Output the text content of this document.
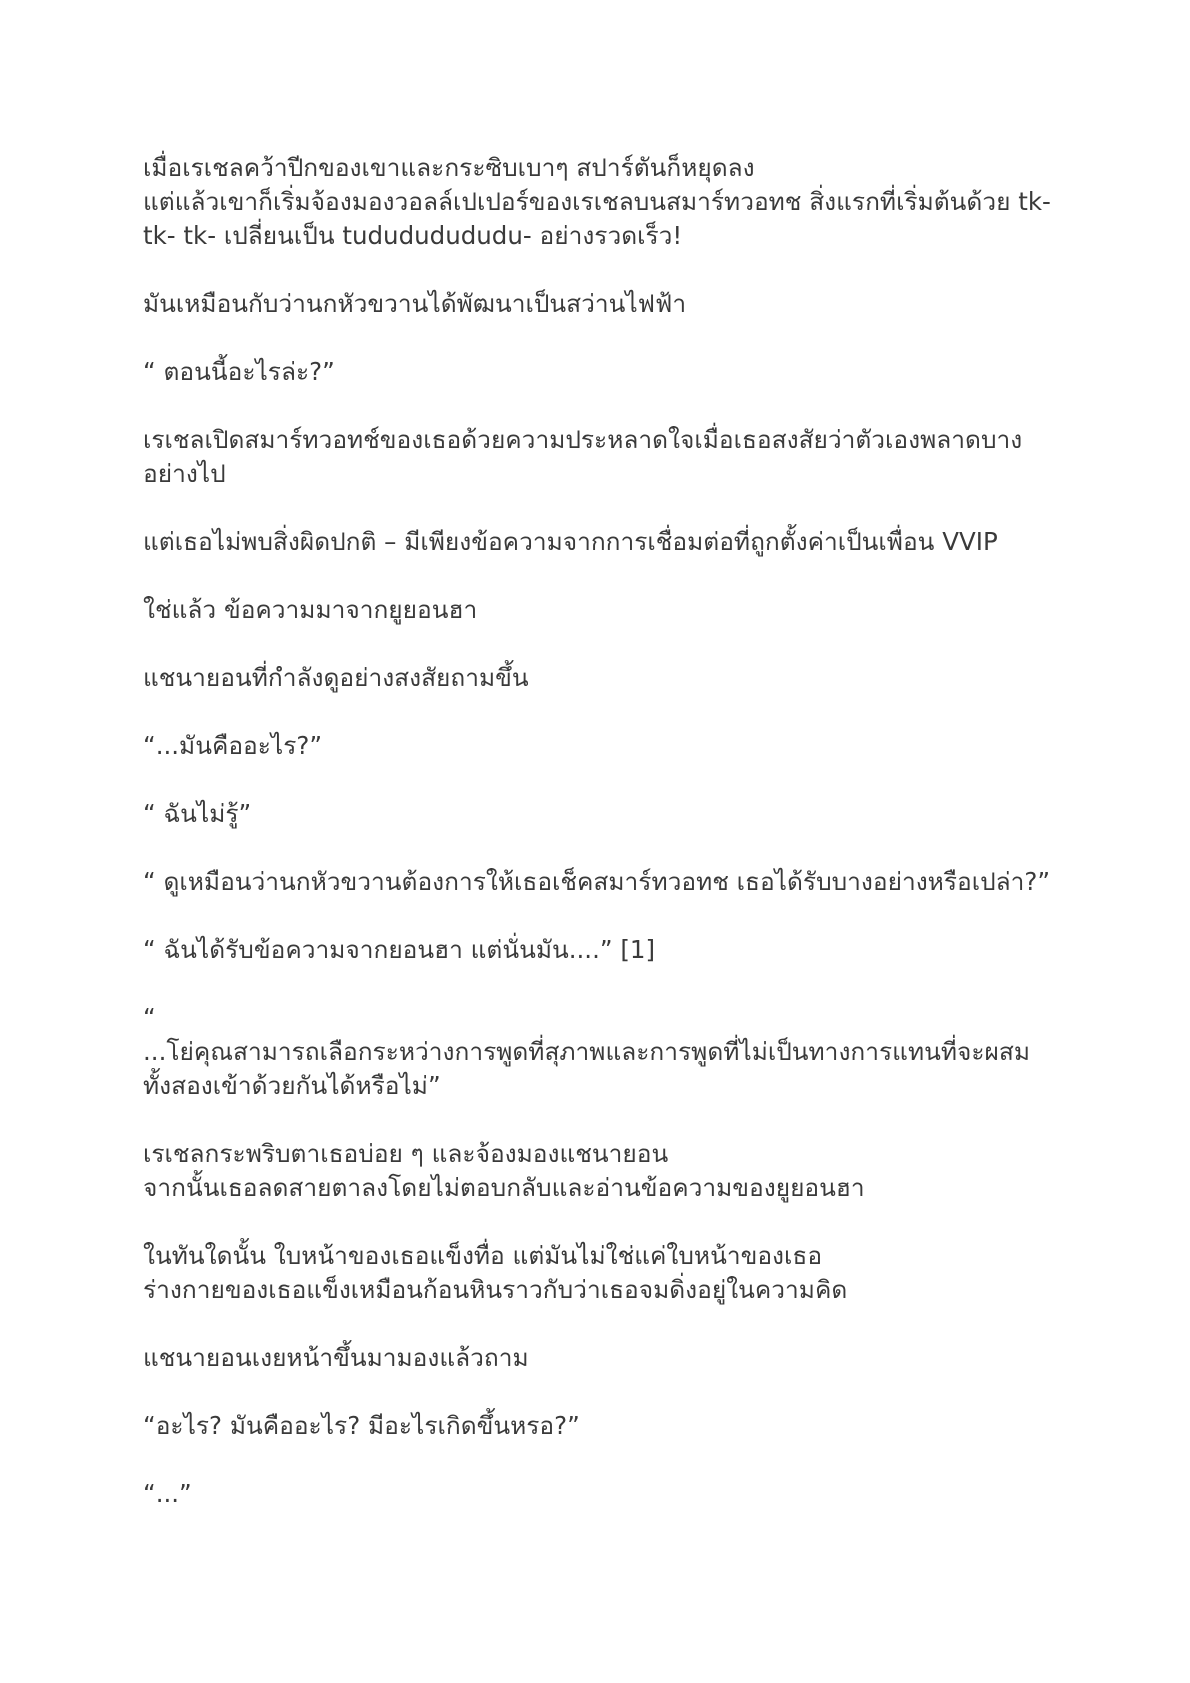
เมื่อเรเชลคว้าปีกของเขาและกระซิบเบาๆ สปาร์ตันก็หยุดลง
แต่แล้วเขาก็เริ่มจ้องมองวอลล์เปเปอร์ของเรเชลบนสมาร์ทวอทช สิ่งแรกที่เริ่มต้นด้วย tk- tk- tk- เปลี่ยนเป็น tudududududu- อย่างรวดเร็ว!

มันเหมือนกับว่านกหัวขวานได้พัฒนาเป็นสว่านไฟฟ้า

“ ตอนนี้อะไรล่ะ?”

เรเชลเปิดสมาร์ทวอทช์ของเธอด้วยความประหลาดใจเมื่อเธอสงสัยว่าตัวเองพลาดบางอย่างไป

แต่เธอไม่พบสิ่งผิดปกติ – มีเพียงข้อความจากการเชื่อมต่อที่ถูกตั้งค่าเป็นเพื่อน VVIP

ใช่แล้ว ข้อความมาจากยูยอนฮา

แชนายอนที่กำลังดูอย่างสงสัยถามขึ้น

“...มันคืออะไร?”

“ ฉันไม่รู้”

“ ดูเหมือนว่านกหัวขวานต้องการให้เธอเช็คสมาร์ทวอทช เธอได้รับบางอย่างหรือเปล่า?”

“ ฉันได้รับข้อความจากยอนฮา แต่นั่นมัน....” [1]

“

...โย่คุณสามารถเลือกระหว่างการพูดที่สุภาพและการพูดที่ไม่เป็นทางการแทนที่จะผสมทั้งสองเข้าด้วยกันได้หรือไม่”

เรเชลกระพริบตาเธอบ่อย ๆ และจ้องมองแชนายอน
จากนั้นเธอลดสายตาลงโดยไม่ตอบกลับและอ่านข้อความของยูยอนฮา

ในทันใดนั้น ใบหน้าของเธอแข็งทื่อ แต่มันไม่ใช่แค่ใบหน้าของเธอ
ร่างกายของเธอแข็งเหมือนก้อนหินราวกับว่าเธอจมดิ่งอยู่ในความคิด

แชนายอนเงยหน้าขึ้นมามองแล้วถาม

“อะไร? มันคืออะไร? มีอะไรเกิดขึ้นหรอ?”

“...”
